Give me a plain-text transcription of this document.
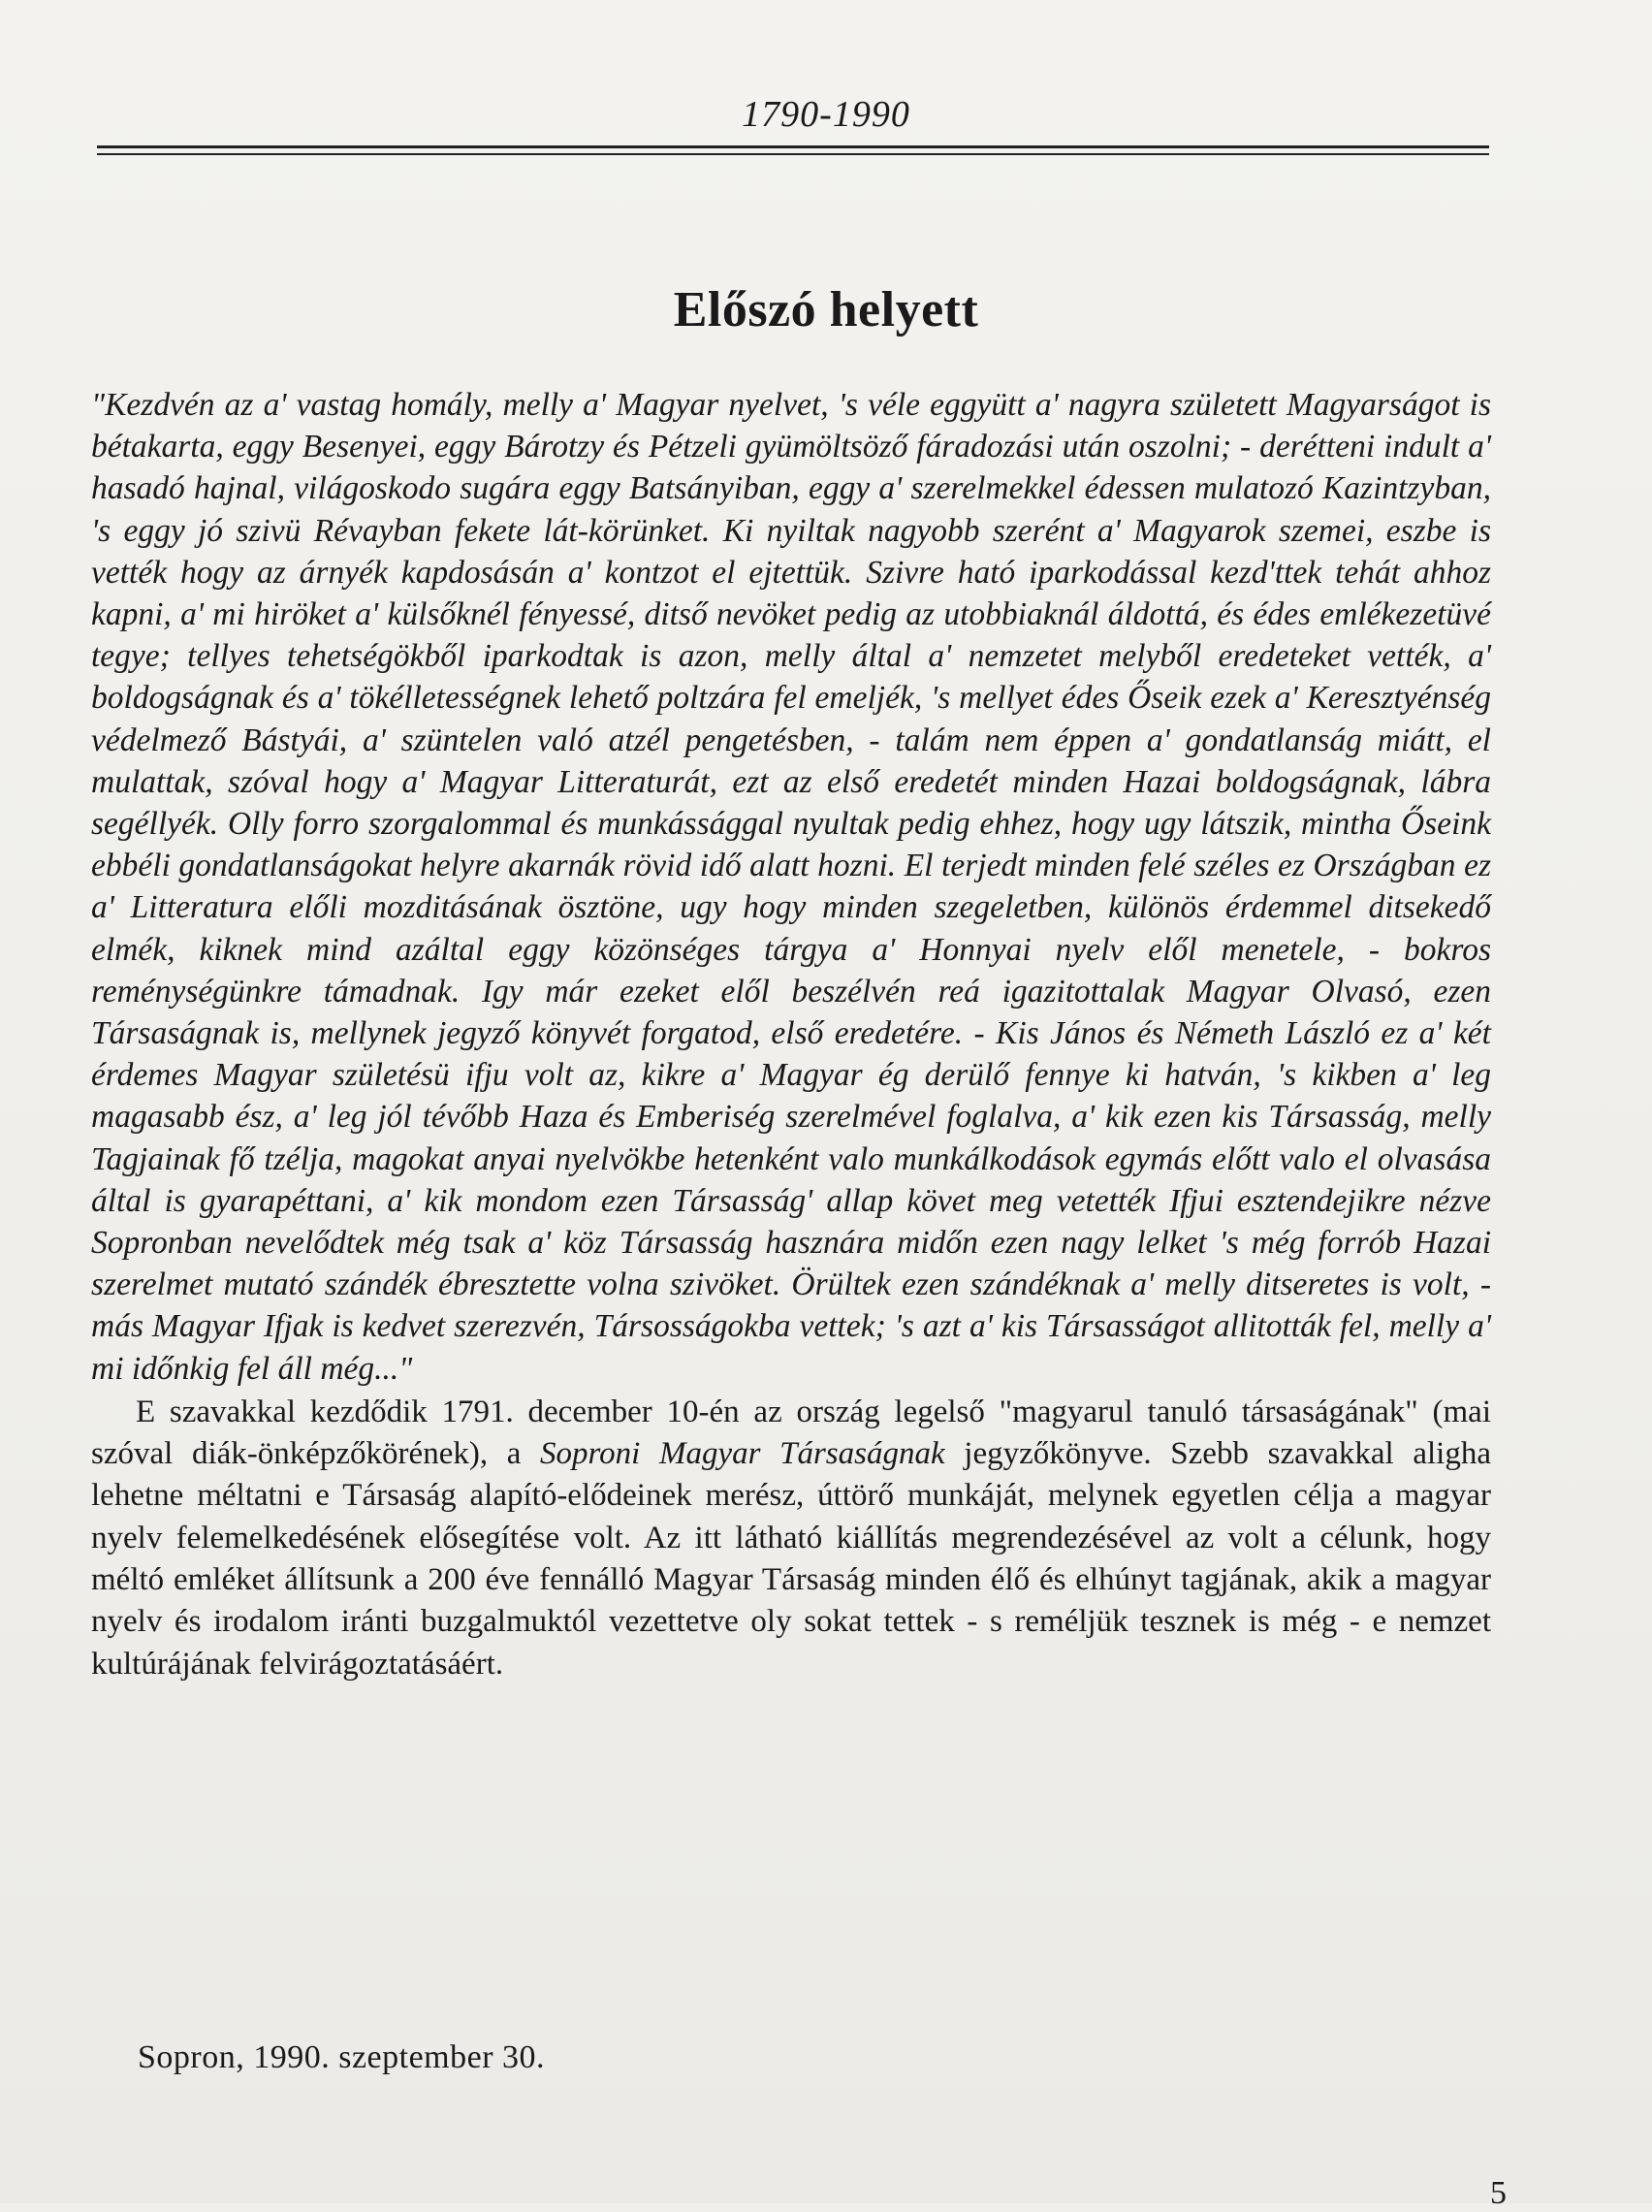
1790-1990
Előszó helyett

"Kezdvén az a' vastag homály, melly a' Magyar nyelvet, 's véle eggyütt a' nagyra született Magyarságot is bétakarta, eggy Besenyei, eggy Bárotzy és Pétzeli gyümöltsöző fáradozási után oszolni; - derétteni indult a' hasadó hajnal, világoskodo sugára eggy Batsányiban, eggy a' szerelmekkel édessen mulatozó Kazintzyban, 's eggy jó szivü Révayban fekete lát-körünket. Ki nyiltak nagyobb szerént a' Magyarok szemei, eszbe is vették hogy az árnyék kapdosásán a' kontzot el ejtettük. Szivre ható iparkodással kezd'ttek tehát ahhoz kapni, a' mi hiröket a' külsőknél fényessé, ditső nevöket pedig az utobbiaknál áldottá, és édes emlékezetüvé tegye; tellyes tehetségökből iparkodtak is azon, melly által a' nemzetet melyből eredeteket vették, a' boldogságnak és a' tökélletességnek lehető poltzára fel emeljék, 's mellyet édes Őseik ezek a' Keresztyénség védelmező Bástyái, a' szüntelen való atzél pengetésben, - talám nem éppen a' gondatlanság miátt, el mulattak, szóval hogy a' Magyar Litteraturát, ezt az első eredetét minden Hazai boldogságnak, lábra segéllyék. Olly forro szorgalommal és munkássággal nyultak pedig ehhez, hogy ugy látszik, mintha Őseink ebbéli gondatlanságokat helyre akarnák rövid idő alatt hozni. El terjedt minden felé széles ez Országban ez a' Litteratura előli mozditásának ösztöne, ugy hogy minden szegeletben, különös érdemmel ditsekedő elmék, kiknek mind azáltal eggy közönséges tárgya a' Honnyai nyelv elől menetele, - bokros reménységünkre támadnak. Igy már ezeket elől beszélvén reá igazitottalak Magyar Olvasó, ezen Társaságnak is, mellynek jegyző könyvét forgatod, első eredetére. - Kis János és Németh László ez a' két érdemes Magyar születésü ifju volt az, kikre a' Magyar ég derülő fennye ki hatván, 's kikben a' leg magasabb ész, a' leg jól tévőbb Haza és Emberiség szerelmével foglalva, a' kik ezen kis Társasság, melly Tagjainak fő tzélja, magokat anyai nyelvökbe hetenként valo munkálkodások egymás előtt valo el olvasása által is gyarapéttani, a' kik mondom ezen Társasság' allap követ meg vetették Ifjui esztendejikre nézve Sopronban nevelődtek még tsak a' köz Társasság hasznára midőn ezen nagy lelket 's még forrób Hazai szerelmet mutató szándék ébresztette volna szivöket. Örültek ezen szándéknak a' melly ditseretes is volt, - más Magyar Ifjak is kedvet szerezvén, Társosságokba vettek; 's azt a' kis Társasságot allitották fel, melly a' mi időnkig fel áll még..."

E szavakkal kezdődik 1791. december 10-én az ország legelső "magyarul tanuló társaságának" (mai szóval diák-önképzőkörének), a Soproni Magyar Társaságnak jegyzőkönyve. Szebb szavakkal aligha lehetne méltatni e Társaság alapító-elődeinek merész, úttörő munkáját, melynek egyetlen célja a magyar nyelv felemelkedésének elősegítése volt. Az itt látható kiállítás megrendezésével az volt a célunk, hogy méltó emléket állítsunk a 200 éve fennálló Magyar Társaság minden élő és elhúnyt tagjának, akik a magyar nyelv és irodalom iránti buzgalmuktól vezettetve oly sokat tettek - s reméljük tesznek is még - e nemzet kultúrájának felvirágoztatásáért.

Sopron, 1990. szeptember 30.
5
